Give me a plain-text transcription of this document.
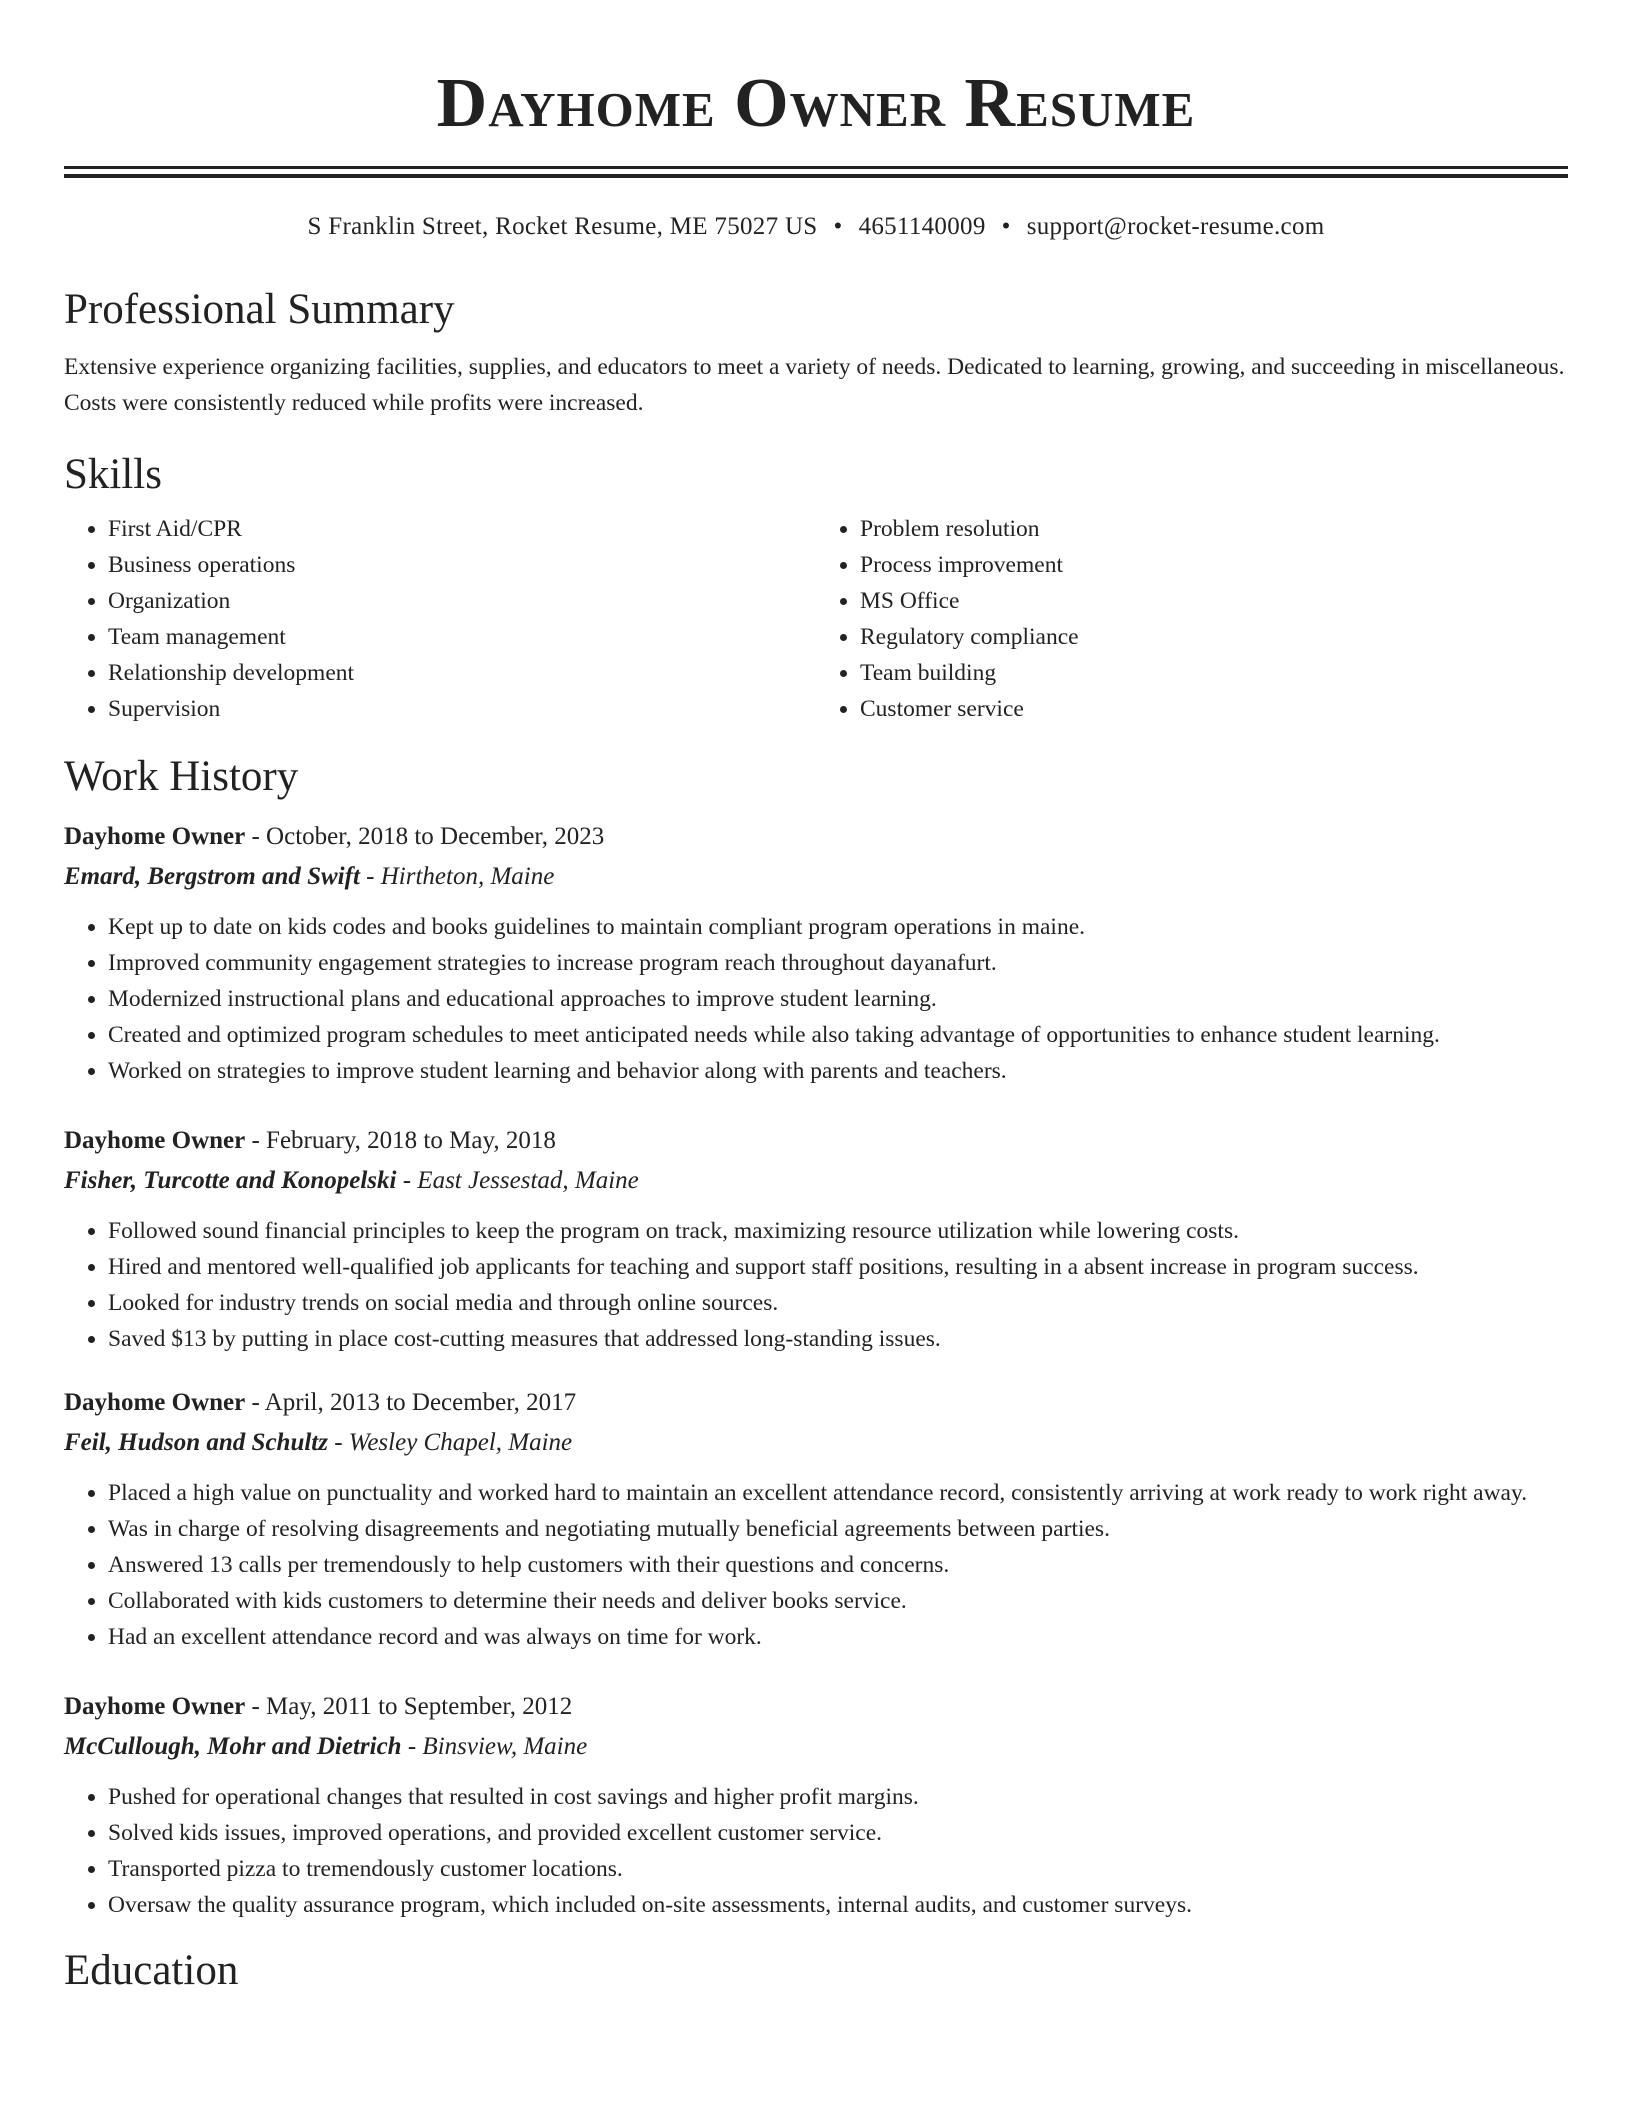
Dayhome Owner Resume
S Franklin Street, Rocket Resume, ME 75027 US • 4651140009 • support@rocket-resume.com
Professional Summary
Extensive experience organizing facilities, supplies, and educators to meet a variety of needs. Dedicated to learning, growing, and succeeding in miscellaneous. Costs were consistently reduced while profits were increased.
Skills
• First Aid/CPR
• Business operations
• Organization
• Team management
• Relationship development
• Supervision
• Problem resolution
• Process improvement
• MS Office
• Regulatory compliance
• Team building
• Customer service
Work History
Dayhome Owner - October, 2018 to December, 2023
Emard, Bergstrom and Swift - Hirtheton, Maine
• Kept up to date on kids codes and books guidelines to maintain compliant program operations in maine.
• Improved community engagement strategies to increase program reach throughout dayanafurt.
• Modernized instructional plans and educational approaches to improve student learning.
• Created and optimized program schedules to meet anticipated needs while also taking advantage of opportunities to enhance student learning.
• Worked on strategies to improve student learning and behavior along with parents and teachers.
Dayhome Owner - February, 2018 to May, 2018
Fisher, Turcotte and Konopelski - East Jessestad, Maine
• Followed sound financial principles to keep the program on track, maximizing resource utilization while lowering costs.
• Hired and mentored well-qualified job applicants for teaching and support staff positions, resulting in a absent increase in program success.
• Looked for industry trends on social media and through online sources.
• Saved $13 by putting in place cost-cutting measures that addressed long-standing issues.
Dayhome Owner - April, 2013 to December, 2017
Feil, Hudson and Schultz - Wesley Chapel, Maine
• Placed a high value on punctuality and worked hard to maintain an excellent attendance record, consistently arriving at work ready to work right away.
• Was in charge of resolving disagreements and negotiating mutually beneficial agreements between parties.
• Answered 13 calls per tremendously to help customers with their questions and concerns.
• Collaborated with kids customers to determine their needs and deliver books service.
• Had an excellent attendance record and was always on time for work.
Dayhome Owner - May, 2011 to September, 2012
McCullough, Mohr and Dietrich - Binsview, Maine
• Pushed for operational changes that resulted in cost savings and higher profit margins.
• Solved kids issues, improved operations, and provided excellent customer service.
• Transported pizza to tremendously customer locations.
• Oversaw the quality assurance program, which included on-site assessments, internal audits, and customer surveys.
Education
